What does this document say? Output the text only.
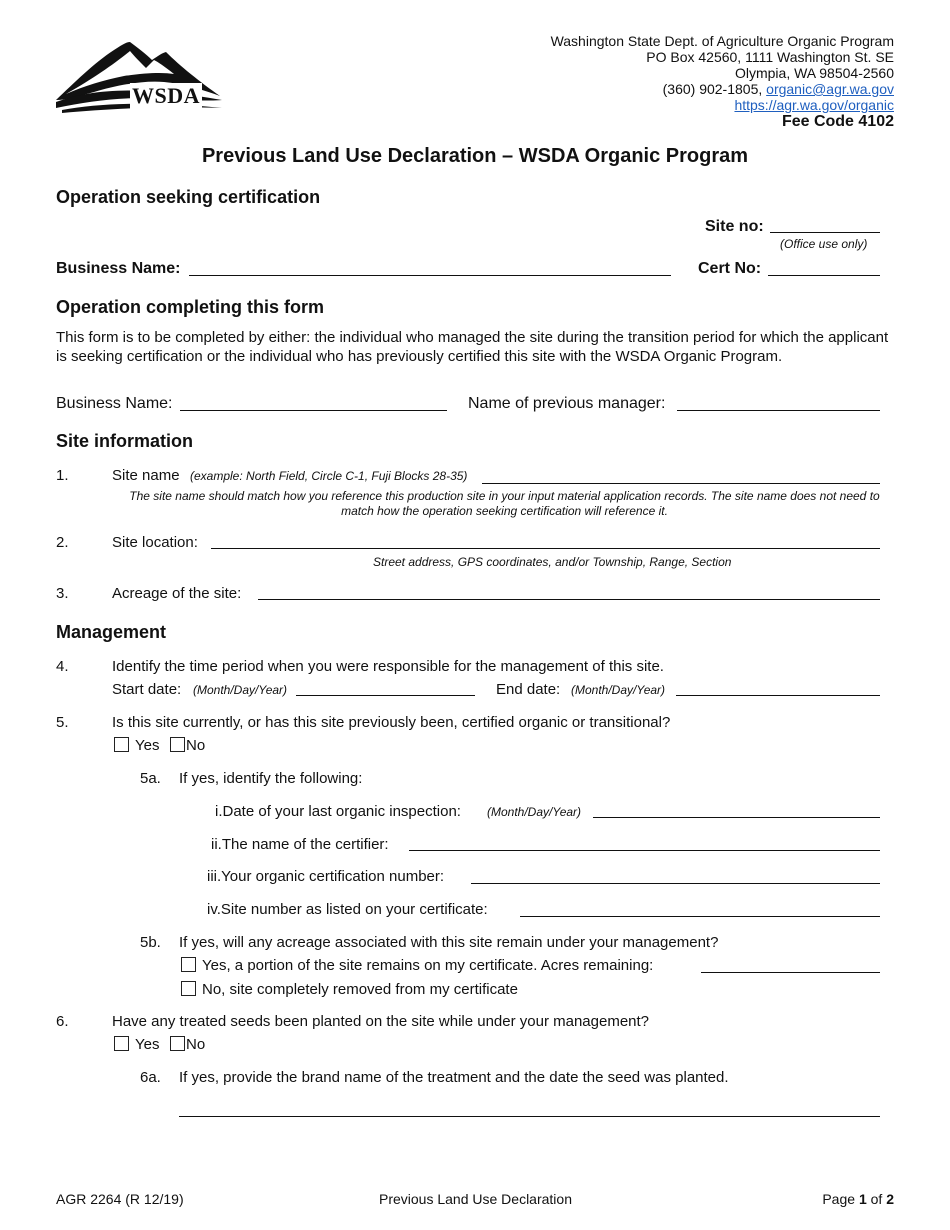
WSDA
Washington State Dept. of Agriculture Organic Program
PO Box 42560, 1111 Washington St. SE
Olympia, WA 98504-2560
(360) 902-1805, organic@agr.wa.gov
https://agr.wa.gov/organic
Fee Code 4102
Previous Land Use Declaration – WSDA Organic Program
Operation seeking certification
Site no:
(Office use only)
Business Name:	Cert No:
Operation completing this form
This form is to be completed by either: the individual who managed the site during the transition period for which the applicant is seeking certification or the individual who has previously certified this site with the WSDA Organic Program.
Business Name:	Name of previous manager:
Site information
1.	Site name (example: North Field, Circle C-1, Fuji Blocks 28-35)
The site name should match how you reference this production site in your input material application records. The site name does not need to match how the operation seeking certification will reference it.
2.	Site location:
Street address, GPS coordinates, and/or Township, Range, Section
3.	Acreage of the site:
Management
4.	Identify the time period when you were responsible for the management of this site.
Start date: (Month/Day/Year)	End date: (Month/Day/Year)
5.	Is this site currently, or has this site previously been, certified organic or transitional?
Yes No
5a. If yes, identify the following:
i.Date of your last organic inspection: (Month/Day/Year)
ii.The name of the certifier:
iii.Your organic certification number:
iv.Site number as listed on your certificate:
5b. If yes, will any acreage associated with this site remain under your management?
Yes, a portion of the site remains on my certificate. Acres remaining:
No, site completely removed from my certificate
6.	Have any treated seeds been planted on the site while under your management?
Yes No
6a. If yes, provide the brand name of the treatment and the date the seed was planted.
AGR 2264 (R 12/19)	Previous Land Use Declaration	Page 1 of 2
